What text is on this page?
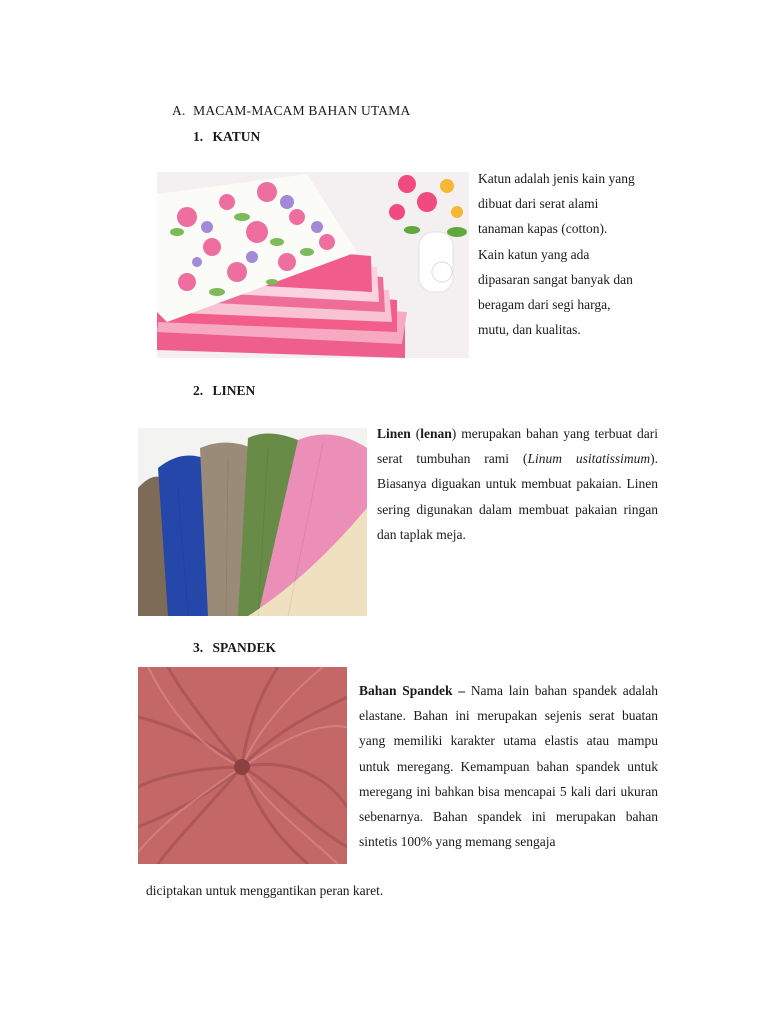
A. MACAM-MACAM BAHAN UTAMA
1. KATUN
Katun adalah jenis kain yang
dibuat dari serat alami
tanaman kapas (cotton).
Kain katun yang ada
dipasaran sangat banyak dan
beragam dari segi harga,
mutu, dan kualitas.
2. LINEN
Linen (lenan) merupakan bahan yang terbuat dari serat tumbuhan rami (Linum usitatissimum). Biasanya diguakan untuk membuat pakaian. Linen sering digunakan dalam membuat pakaian ringan dan taplak meja.
3. SPANDEK
Bahan Spandek – Nama lain bahan spandek adalah elastane. Bahan ini merupakan sejenis serat buatan yang memiliki karakter utama elastis atau mampu untuk meregang. Kemampuan bahan spandek untuk meregang ini bahkan bisa mencapai 5 kali dari ukuran sebenarnya. Bahan spandek ini merupakan bahan sintetis 100% yang memang sengaja
diciptakan untuk menggantikan peran karet.
